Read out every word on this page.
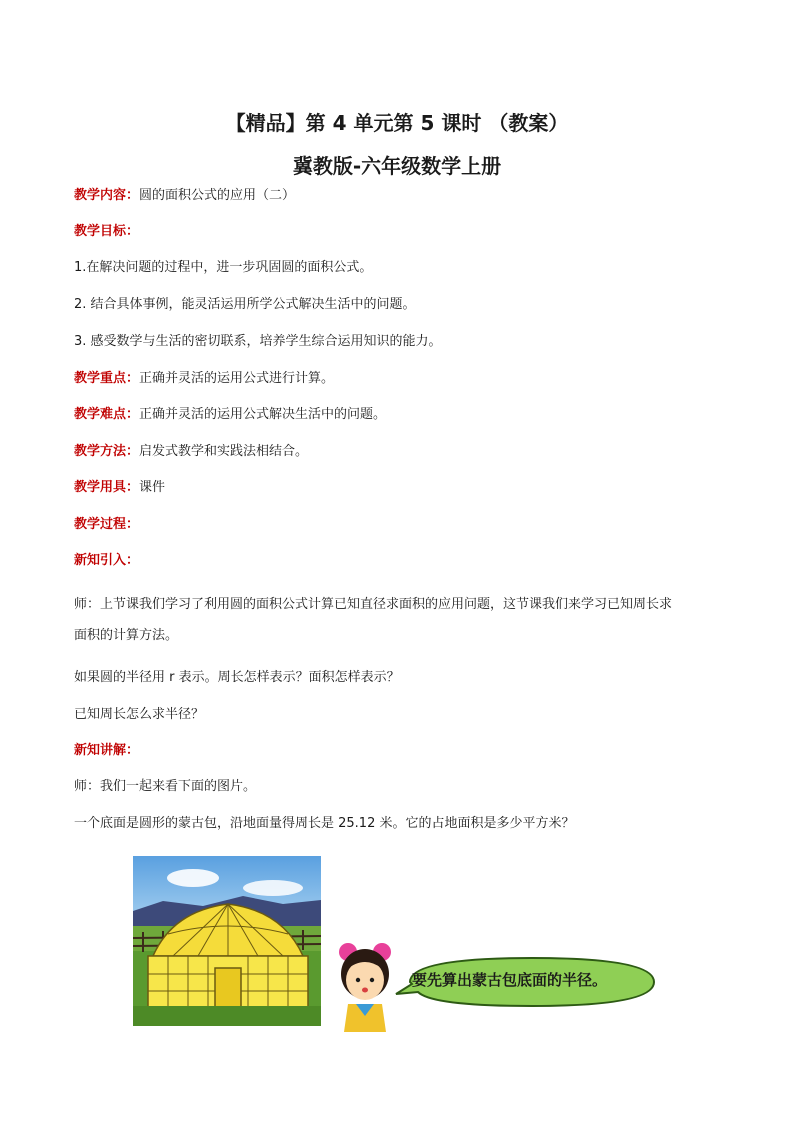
【精品】第 4 单元第 5 课时 （教案）
冀教版-六年级数学上册
教学内容：圆的面积公式的应用（二）
教学目标：
1.在解决问题的过程中，进一步巩固圆的面积公式。
2. 结合具体事例，能灵活运用所学公式解决生活中的问题。
3. 感受数学与生活的密切联系，培养学生综合运用知识的能力。
教学重点：正确并灵活的运用公式进行计算。
教学难点：正确并灵活的运用公式解决生活中的问题。
教学方法：启发式教学和实践法相结合。
教学用具：课件
教学过程：
新知引入：
师：上节课我们学习了利用圆的面积公式计算已知直径求面积的应用问题，这节课我们来学习已知周长求
面积的计算方法。
如果圆的半径用 r 表示。周长怎样表示？面积怎样表示？
已知周长怎么求半径？
新知讲解：
师：我们一起来看下面的图片。
一个底面是圆形的蒙古包，沿地面量得周长是 25.12 米。它的占地面积是多少平方米？
要先算出蒙古包底面的半径。
